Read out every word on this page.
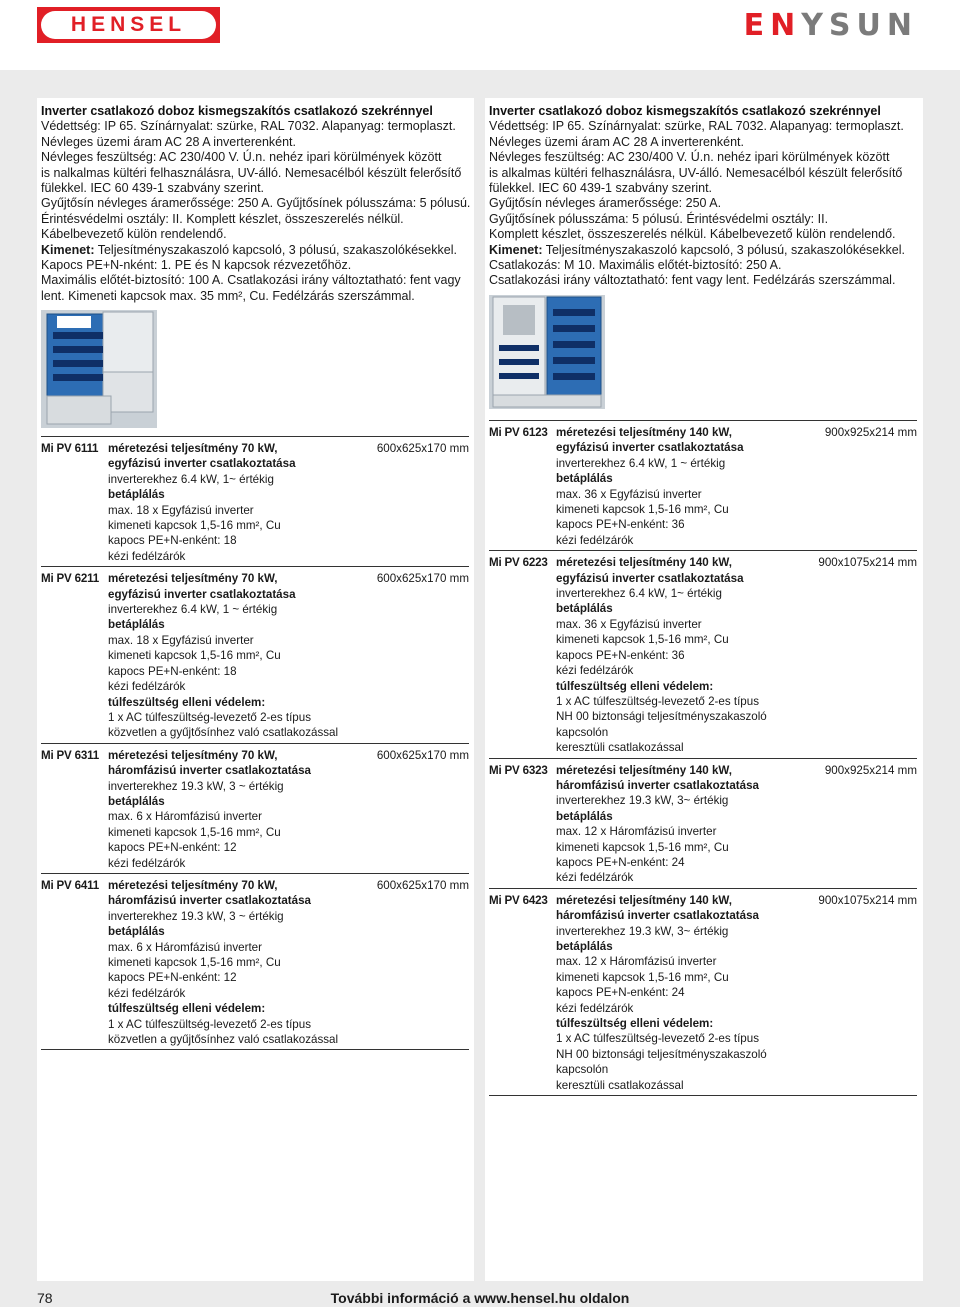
HENSEL	ENYSUN

Inverter csatlakozó doboz kismegszakítós csatlakozó szekrénnyel

Védettség: IP 65. Színárnyalat: szürke, RAL 7032. Alapanyag: termoplaszt.

Névleges üzemi áram AC 28 A inverterenként.

Névleges feszültség: AC 230/400 V. Ú.n. nehéz ipari körülmények között

is nalkalmas kültéri felhasználásra, UV-álló. Nemesacélból készült felerősítő

fülekkel. IEC 60 439-1 szabvány szerint.

Gyűjtősín névleges áramerőssége: 250 A. Gyűjtősínek pólusszáma: 5 pólusú.

Érintésvédelmi osztály: II. Komplett készlet, összeszerelés nélkül.

Kábelbevezető külön rendelendő.

Kimenet: Teljesítményszakaszoló kapcsoló, 3 pólusú, szakaszolókésekkel.

Kapocs PE+N-nként: 1. PE és N kapcsok rézvezetőhöz.

Maximális előtét-biztosító: 100 A. Csatlakozási irány változtatható: fent vagy

lent. Kimeneti kapcsok max. 35 mm², Cu. Fedélzárás szerszámmal.

Mi PV 6111 méretezési teljesítmény 70 kW,
egyfázisú inverter csatlakoztatása
inverterekhez 6.4 kW, 1~ értékig
betáplálás
max. 18 x Egyfázisú inverter
kimeneti kapcsok 1,5-16 mm², Cu
kapocs PE+N-enként: 18
kézi fedélzárók
600x625x170 mm
Mi PV 6211 méretezési teljesítmény 70 kW,
egyfázisú inverter csatlakoztatása
inverterekhez 6.4 kW, 1 ~ értékig
betáplálás
max. 18 x Egyfázisú inverter
kimeneti kapcsok 1,5-16 mm², Cu
kapocs PE+N-enként: 18
kézi fedélzárók
túlfeszültség elleni védelem:
1 x AC túlfeszültség-levezető 2-es típus
közvetlen a gyűjtősínhez való csatlakozással
600x625x170 mm
Mi PV 6311 méretezési teljesítmény 70 kW,
háromfázisú inverter csatlakoztatása
inverterekhez 19.3 kW, 3 ~ értékig
betáplálás
max. 6 x Háromfázisú inverter
kimeneti kapcsok 1,5-16 mm², Cu
kapocs PE+N-enként: 12
kézi fedélzárók
600x625x170 mm
Mi PV 6411 méretezési teljesítmény 70 kW,
háromfázisú inverter csatlakoztatása
inverterekhez 19.3 kW, 3 ~ értékig
betáplálás
max. 6 x Háromfázisú inverter
kimeneti kapcsok 1,5-16 mm², Cu
kapocs PE+N-enként: 12
kézi fedélzárók
túlfeszültség elleni védelem:
1 x AC túlfeszültség-levezető 2-es típus
közvetlen a gyűjtősínhez való csatlakozással
600x625x170 mm

Inverter csatlakozó doboz kismegszakítós csatlakozó szekrénnyel

Védettség: IP 65. Színárnyalat: szürke, RAL 7032. Alapanyag: termoplaszt.

Névleges üzemi áram AC 28 A inverterenként.

Névleges feszültség: AC 230/400 V. Ú.n. nehéz ipari körülmények között

is alkalmas kültéri felhasználásra, UV-álló. Nemesacélból készült felerősítő

fülekkel. IEC 60 439-1 szabvány szerint.

Gyűjtősín névleges áramerőssége: 250 A.

Gyűjtősínek pólusszáma: 5 pólusú. Érintésvédelmi osztály: II.

Komplett készlet, összeszerelés nélkül. Kábelbevezető külön rendelendő.

Kimenet: Teljesítményszakaszoló kapcsoló, 3 pólusú, szakaszolókésekkel.

Csatlakozás: M 10. Maximális előtét-biztosító: 250 A.

Csatlakozási irány változtatható: fent vagy lent. Fedélzárás szerszámmal.

Mi PV 6123 méretezési teljesítmény 140 kW,
egyfázisú inverter csatlakoztatása
inverterekhez 6.4 kW, 1 ~ értékig
betáplálás
max. 36 x Egyfázisú inverter
kimeneti kapcsok 1,5-16 mm², Cu
kapocs PE+N-enként: 36
kézi fedélzárók
900x925x214 mm
Mi PV 6223 méretezési teljesítmény 140 kW,
egyfázisú inverter csatlakoztatása
inverterekhez 6.4 kW, 1~ értékig
betáplálás
max. 36 x Egyfázisú inverter
kimeneti kapcsok 1,5-16 mm², Cu
kapocs PE+N-enként: 36
kézi fedélzárók
túlfeszültség elleni védelem:
1 x AC túlfeszültség-levezető 2-es típus
NH 00 biztonsági teljesítményszakaszoló kapcsolón
keresztüli csatlakozással
900x1075x214 mm
Mi PV 6323 méretezési teljesítmény 140 kW,
háromfázisú inverter csatlakoztatása
inverterekhez 19.3 kW, 3~ értékig
betáplálás
max. 12 x Háromfázisú inverter
kimeneti kapcsok 1,5-16 mm², Cu
kapocs PE+N-enként: 24
kézi fedélzárók
900x925x214 mm
Mi PV 6423 méretezési teljesítmény 140 kW,
háromfázisú inverter csatlakoztatása
inverterekhez 19.3 kW, 3~ értékig
betáplálás
max. 12 x Háromfázisú inverter
kimeneti kapcsok 1,5-16 mm², Cu
kapocs PE+N-enként: 24
kézi fedélzárók
túlfeszültség elleni védelem:
1 x AC túlfeszültség-levezető 2-es típus
NH 00 biztonsági teljesítményszakaszoló kapcsolón
keresztüli csatlakozással
900x1075x214 mm
78	További információ a www.hensel.hu oldalon
